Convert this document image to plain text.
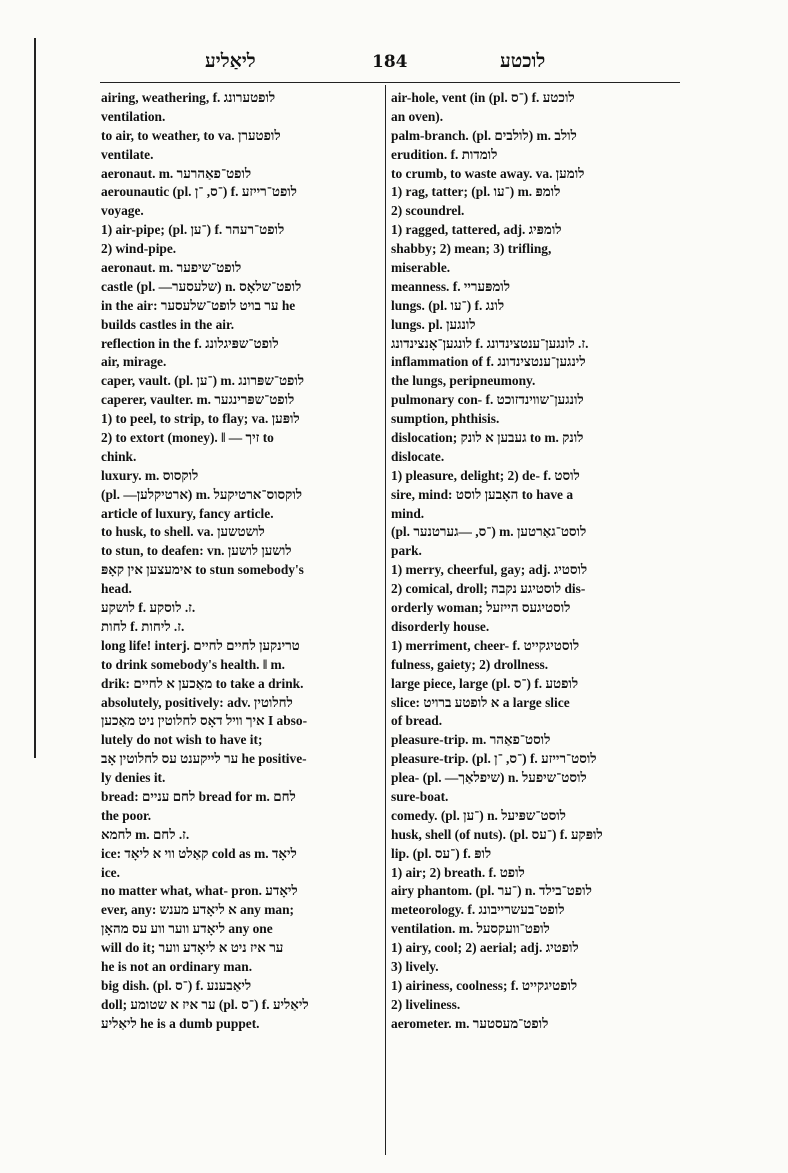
ליאַליע	184	לוכטע
airing, weathering, f. לופטערונג
ventilation.
to air, to weather, to va. לופטערן
ventilate.
aeronaut. m. לופט־פאַהרער
aerounautic (pl. ־ס, ־ן) f. לופט־רייזע
voyage.
1) air-pipe; (pl. ־ען) f. לופט־רעהר
2) wind-pipe.
aeronaut. m. לופט־שיפער
castle (pl. —שלעסער) n. לופט־שלאָס
in the air: ער בויט לופט־שלעסער he
builds castles in the air.
reflection in the f. לופט־שפּיגלונג
air, mirage.
caper, vault. (pl. ־ען) m. לופט־שפּרונג
caperer, vaulter. m. לופט־שפּרינגער
1) to peel, to strip, to flay; va. לופּען
2) to extort (money). ‖ — זיך to
chink.
luxury. m. לוקסוס
(pl. —ארטיקלען) m. לוקסוס־ארטיקעל
article of luxury, fancy article.
to husk, to shell. va. לושטשען
to stun, to deafen: vn. לושען לושען
אימעצען אין קאָפּ to stun somebody's
head.
לושקע f. ז. לוסקע.
לחות f. ז. ליחות.
long life! interj. טרינקען לחיים לחיים
to drink somebody's health. ‖ m.
drik: מאַכען א לחיים to take a drink.
absolutely, positively: adv. לחלוטין
איך וויל דאָס לחלוטין ניט מאַכען I abso-
lutely do not wish to have it;
ער לייקענט עס לחלוטין אָב he positive-
ly denies it.
bread: לחם עניים bread for m. לחם
the poor.
לחמא m. ז. לחם.
ice: קאַלט ווי א ליאָד cold as m. ליאָד
ice.
no matter what, what- pron. ליאָדע
ever, any: א ליאָדע מענש any man;
ליאָדע ווער ווע עס מהאָן any one
will do it; ער איז ניט א ליאָדע ווער
he is not an ordinary man.
big dish. (pl. ־ס) f. ליאַבענע
doll; ער איז א שטומע (pl. ־ס) f. ליאַליע
ליאַליע he is a dumb puppet.
air-hole, vent (in (pl. ־ס) f. לוכטע
an oven).
palm-branch. (pl. לולבים) m. לולב
erudition. f. לומדות
to crumb, to waste away. va. לומען
1) rag, tatter; (pl. ־עו) m. לומפּ
2) scoundrel.
1) ragged, tattered, adj. לומפּיג
shabby; 2) mean; 3) trifling,
miserable.
meanness. f. לומפּעריי
lungs. (pl. ־עו) f. לונג
lungs. pl. לונגען
לונגען־אָנצינדונג f. ז. לונגען־ענטצינדונג.
inflammation of f. לינגען־ענטצינדונג
the lungs, peripneumony.
pulmonary con- f. לונגען־שווינדזוכט
sumption, phthisis.
dislocation; געבען א לונק to m. לונק
dislocate.
1) pleasure, delight; 2) de- f. לוסט
sire, mind: האָבען לוסט to have a
mind.
(pl. ־ס, —גערטנער) m. לוסט־גאַרטען
park.
1) merry, cheerful, gay; adj. לוסטיג
2) comical, droll; לוסטיגע נקבה dis-
orderly woman; לוסטיגעס הייזעל
disorderly house.
1) merriment, cheer- f. לוסטיגקייט
fulness, gaiety; 2) drollness.
large piece, large (pl. ־ס) f. לופטע
slice: א לופטע ברויט a large slice
of bread.
pleasure-trip. m. לוסט־פאַהר
pleasure-trip. (pl. ־ס, ־ן) f. לוסט־רייזע
plea- (pl. —שיפלאַך) n. לוסט־שיפעל
sure-boat.
comedy. (pl. ־ען) n. לוסט־שפּיעל
husk, shell (of nuts). (pl. ־עס) f. לופּקע
lip. (pl. ־עס) f. לופּ
1) air; 2) breath. f. לופט
airy phantom. (pl. ־ער) n. לופט־בילד
meteorology. f. לופט־בעשרייבונג
ventilation. m. לופט־וועקסעל
1) airy, cool; 2) aerial; adj. לופטיג
3) lively.
1) airiness, coolness; f. לופטיגקייט
2) liveliness.
aerometer. m. לופט־מעסטער
